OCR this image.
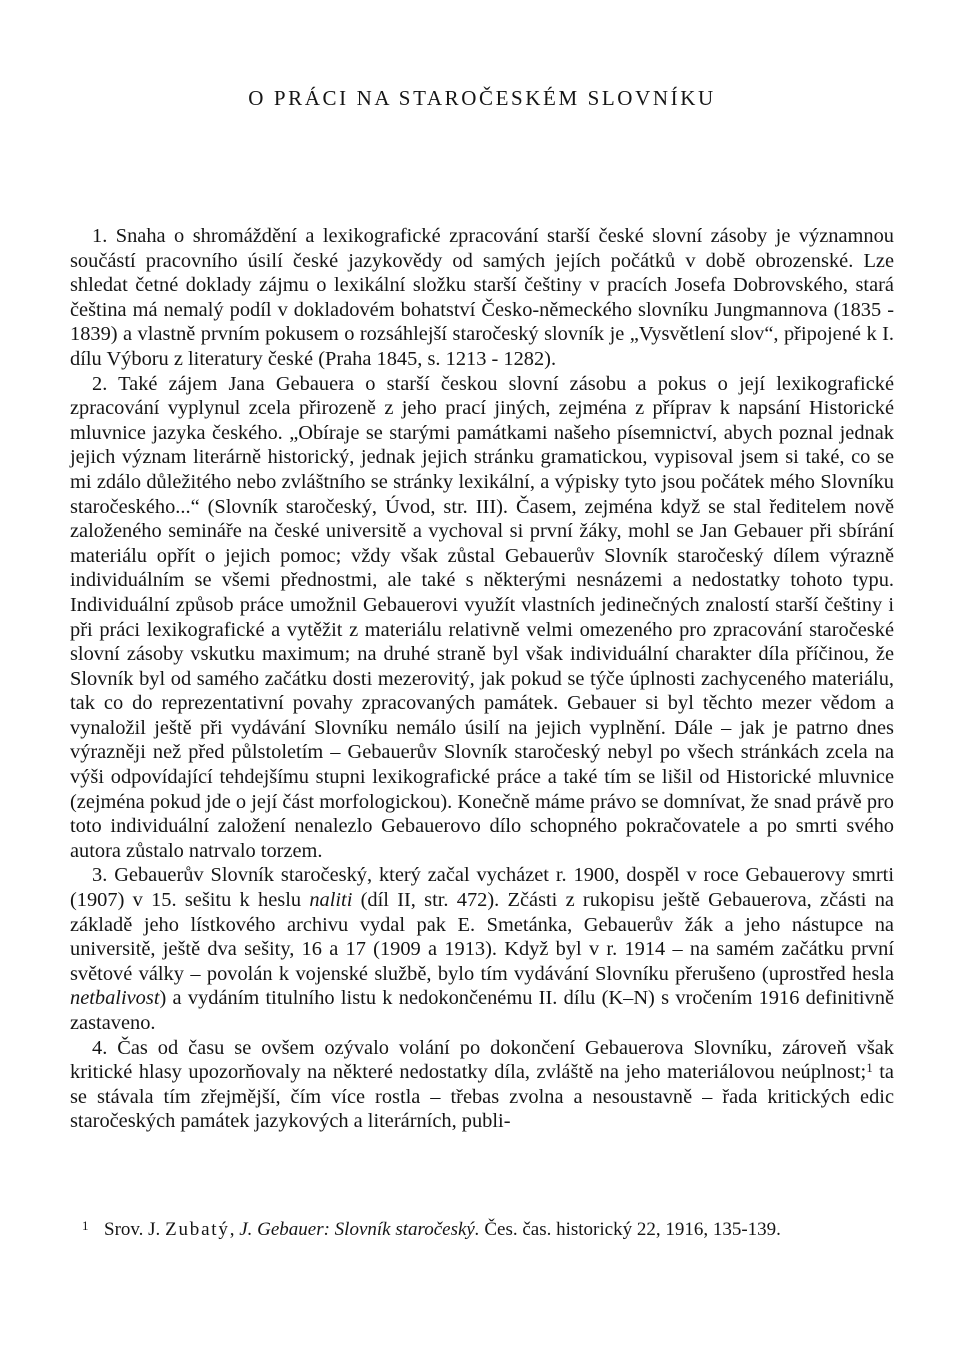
O PRÁCI NA STAROČESKÉM SLOVNÍKU

1. Snaha o shromáždění a lexikografické zpracování starší české slovní zásoby je významnou součástí pracovního úsilí české jazykovědy od samých jejích počátků v době obrozenské. Lze shledat četné doklady zájmu o lexikální složku starší češtiny v pracích Josefa Dobrovského, stará čeština má nemalý podíl v dokladovém bohatství Česko-německého slovníku Jungmannova (1835 - 1839) a vlastně prvním pokusem o rozsáhlejší staročeský slovník je „Vysvětlení slov“, připojené k I. dílu Výboru z literatury české (Praha 1845, s. 1213 - 1282).

2. Také zájem Jana Gebauera o starší českou slovní zásobu a pokus o její lexikografické zpracování vyplynul zcela přirozeně z jeho prací jiných, zejména z příprav k napsání Historické mluvnice jazyka českého. „Obíraje se starými památkami našeho písemnictví, abych poznal jednak jejich význam literárně historický, jednak jejich stránku gramatickou, vypisoval jsem si také, co se mi zdálo důležitého nebo zvláštního se stránky lexikální, a výpisky tyto jsou počátek mého Slovníku staročeského...“ (Slovník staročeský, Úvod, str. III). Časem, zejména když se stal ředitelem nově založeného semináře na české universitě a vychoval si první žáky, mohl se Jan Gebauer při sbírání materiálu opřít o jejich pomoc; vždy však zůstal Gebauerův Slovník staročeský dílem výrazně individuálním se všemi přednostmi, ale také s některými nesnázemi a nedostatky tohoto typu. Individuální způsob práce umožnil Gebauerovi využít vlastních jedinečných znalostí starší češtiny i při práci lexikografické a vytěžit z materiálu relativně velmi omezeného pro zpracování staročeské slovní zásoby vskutku maximum; na druhé straně byl však individuální charakter díla příčinou, že Slovník byl od samého začátku dosti mezerovitý, jak pokud se týče úplnosti zachyceného materiálu, tak co do reprezentativní povahy zpracovaných památek. Gebauer si byl těchto mezer vědom a vynaložil ještě při vydávání Slovníku nemálo úsilí na jejich vyplnění. Dále – jak je patrno dnes výrazněji než před půlstoletím – Gebauerův Slovník staročeský nebyl po všech stránkách zcela na výši odpovídající tehdejšímu stupni lexikografické práce a také tím se lišil od Historické mluvnice (zejména pokud jde o její část morfologickou). Konečně máme právo se domnívat, že snad právě pro toto individuální založení nenalezlo Gebauerovo dílo schopného pokračovatele a po smrti svého autora zůstalo natrvalo torzem.

3. Gebauerův Slovník staročeský, který začal vycházet r. 1900, dospěl v roce Gebauerovy smrti (1907) v 15. sešitu k heslu naliti (díl II, str. 472). Zčásti z rukopisu ještě Gebauerova, zčásti na základě jeho lístkového archivu vydal pak E. Smetánka, Gebauerův žák a jeho nástupce na universitě, ještě dva sešity, 16 a 17 (1909 a 1913). Když byl v r. 1914 – na samém začátku první světové války – povolán k vojenské službě, bylo tím vydávání Slovníku přerušeno (uprostřed hesla netbalivost) a vydáním titulního listu k nedokončenému II. dílu (K–N) s vročením 1916 definitivně zastaveno.

4. Čas od času se ovšem ozývalo volání po dokončení Gebauerova Slovníku, zároveň však kritické hlasy upozorňovaly na některé nedostatky díla, zvláště na jeho materiálovou neúplnost;$^1$ ta se stávala tím zřejmější, čím více rostla – třebas zvolna a nesoustavně – řada kritických edic staročeských památek jazykových a literárních, publi-

1 Srov. J. Zubatý, J. Gebauer: Slovník staročeský. Čes. čas. historický 22, 1916, 135-139.
